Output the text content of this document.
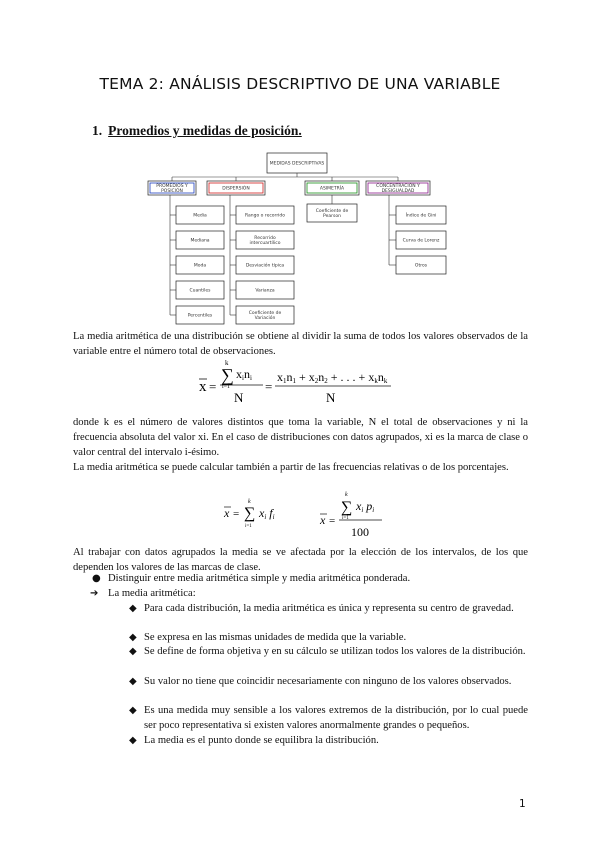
TEMA 2: ANÁLISIS DESCRIPTIVO DE UNA VARIABLE
1. Promedios y medidas de posición.
MEDIDAS DESCRIPTIVAS
PROMEDIOS Y
POSICIÓN
DISPERSIÓN	ASIMETRÍA
CONCENTRACIÓN Y
DESIGUALDAD
Media
Mediana
Moda
Cuantiles
Percentiles
Rango o recorrido
Recorrido
intercuartílico
Desviación típica
Varianza
Coeficiente de
Variación
Coeficiente de
Pearson	Índice de Gini
Curva de Lorenz
Otros
La media aritmética de una distribución se obtiene al dividir la suma de todos los valores observados de la variable entre el número total de observaciones.
x =
∑
k
i=1
xini
N
=
x1n1 + x2n2 + . . . + xknk
N
donde k es el número de valores distintos que toma la variable, N el total de observaciones y ni la frecuencia absoluta del valor xi. En el caso de distribuciones con datos agrupados, xi es la marca de clase o valor central del intervalo i-ésimo.
La media aritmética se puede calcular también a partir de las frecuencias relativas o de los porcentajes.
x = ∑
k
i=1
xi fi	x =
∑
k
i=1
xi pi
100
Al trabajar con datos agrupados la media se ve afectada por la elección de los intervalos, de los que dependen los valores de las marcas de clase.
● Distinguir entre media aritmética simple y media aritmética ponderada.
➔ La media aritmética:
◆ Para cada distribución, la media aritmética es única y representa su centro de gravedad.
◆ Se expresa en las mismas unidades de medida que la variable.
◆ Se define de forma objetiva y en su cálculo se utilizan todos los valores de la distribución.
◆ Su valor no tiene que coincidir necesariamente con ninguno de los valores observados.
◆ Es una medida muy sensible a los valores extremos de la distribución, por lo cual puede ser poco representativa si existen valores anormalmente grandes o pequeños.
◆ La media es el punto donde se equilibra la distribución.
1
